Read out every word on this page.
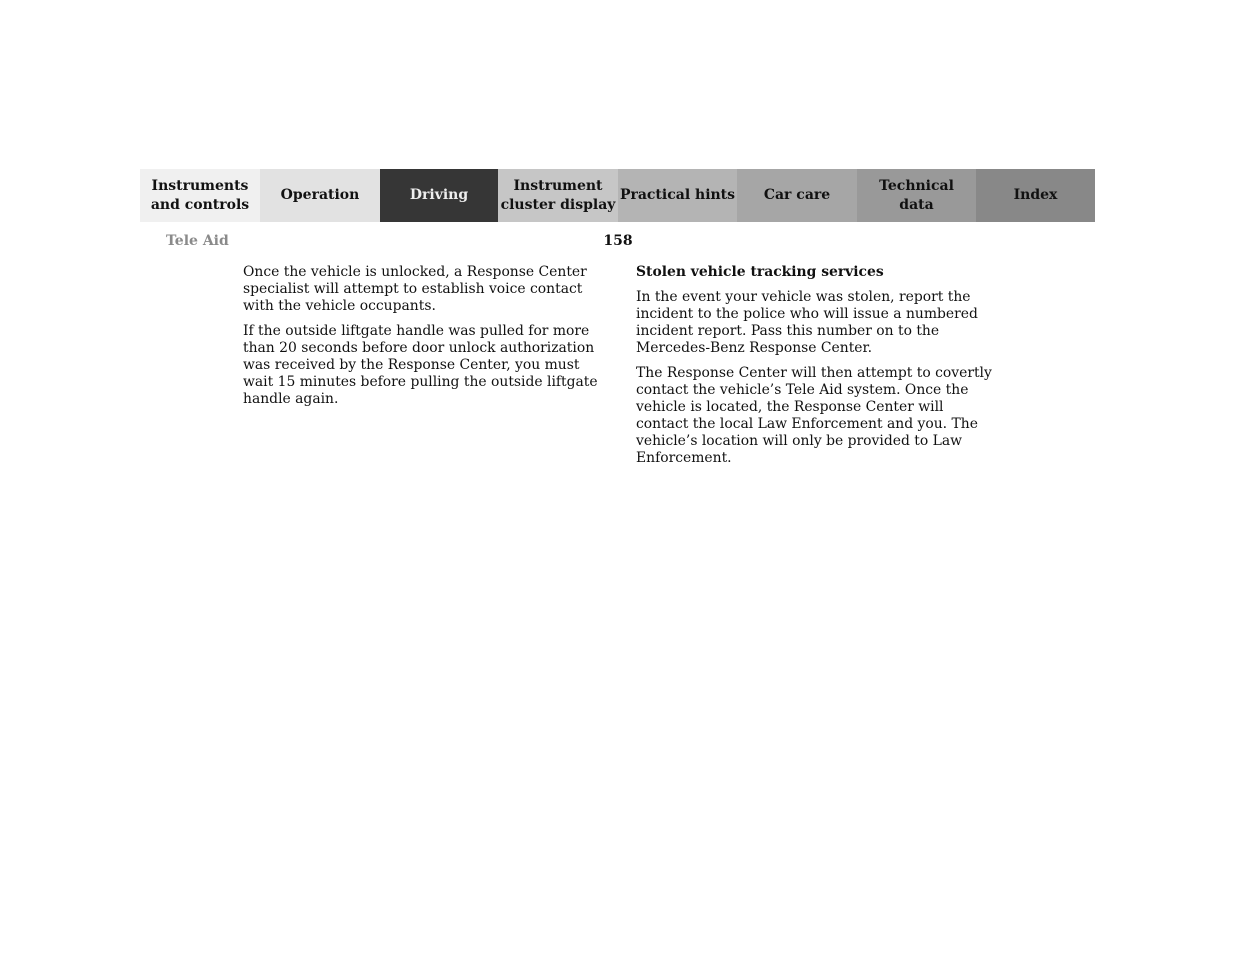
Instruments
and controls
Operation	Driving
Instrument
cluster display
Practical hints Car care
Technical
data
Index
Tele Aid	158

Once the vehicle is unlocked, a Response Center specialist will attempt to establish voice contact with the vehicle occupants.

If the outside liftgate handle was pulled for more than 20 seconds before door unlock authorization was received by the Response Center, you must wait 15 minutes before pulling the outside liftgate handle again.

Stolen vehicle tracking services

In the event your vehicle was stolen, report the incident to the police who will issue a numbered incident report. Pass this number on to the Mercedes-Benz Response Center.

The Response Center will then attempt to covertly contact the vehicle’s Tele Aid system. Once the vehicle is located, the Response Center will contact the local Law Enforcement and you. The vehicle’s location will only be provided to Law Enforcement.
